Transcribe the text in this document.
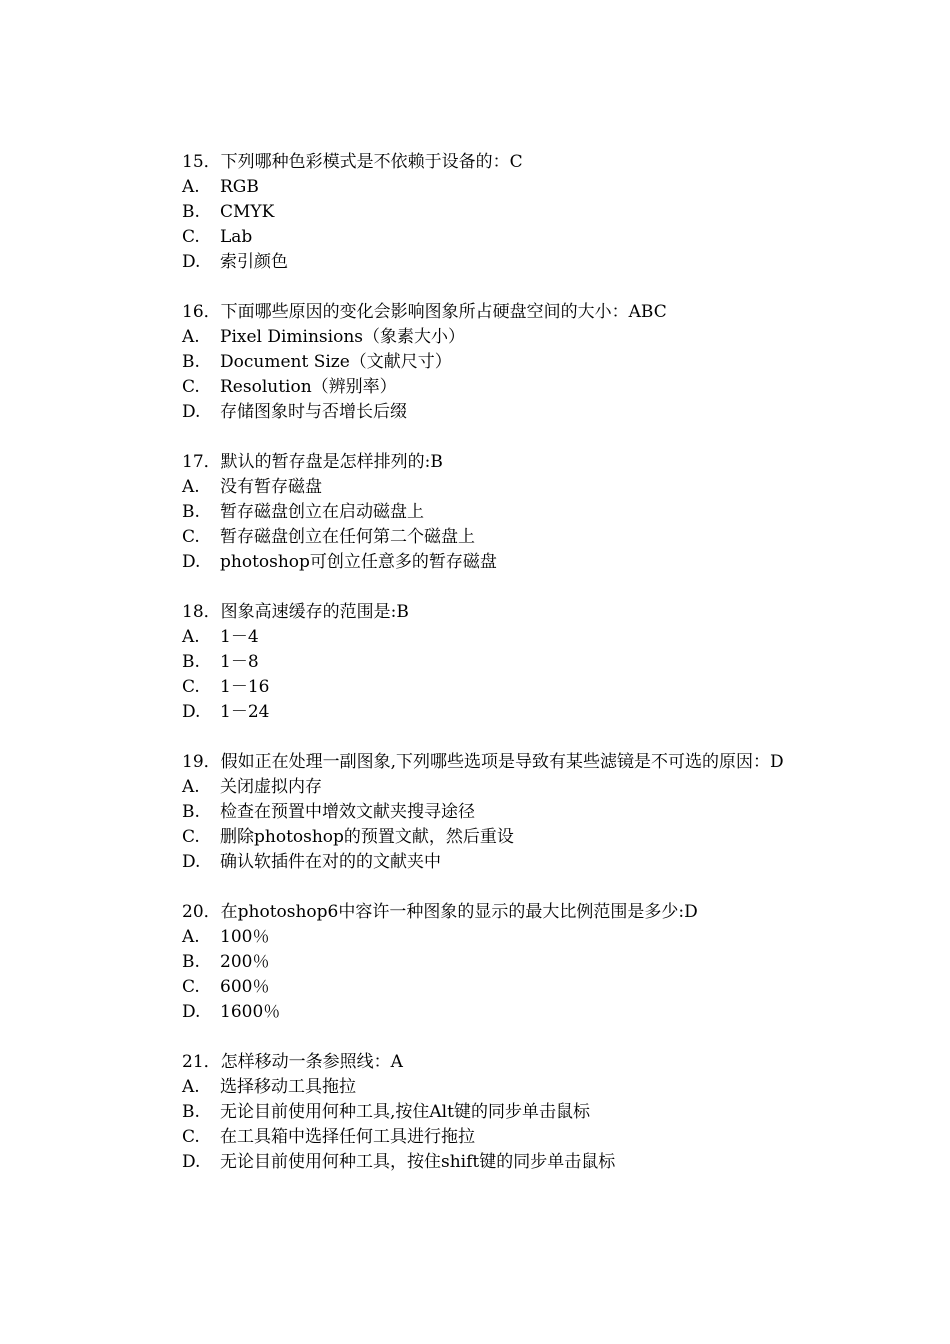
15．下列哪种色彩模式是不依赖于设备的：C
A.	RGB
B.	CMYK
C.	Lab
D.	索引颜色
16．下面哪些原因的变化会影响图象所占硬盘空间的大小：ABC
A.	Pixel Diminsions（象素大小）
B.	Document Size（文献尺寸）
C.	Resolution（辨别率）
D.	存储图象时与否增长后缀
17．默认的暂存盘是怎样排列的:B
A.	没有暂存磁盘
B.	暂存磁盘创立在启动磁盘上
C.	暂存磁盘创立在任何第二个磁盘上
D.	photoshop可创立任意多的暂存磁盘
18．图象高速缓存的范围是:B
A.	1－4
B.	1－8
C.	1－16
D.	1－24
19．假如正在处理一副图象,下列哪些选项是导致有某些滤镜是不可选的原因：D
A.	关闭虚拟内存
B.	检查在预置中增效文献夹搜寻途径
C.	删除photoshop的预置文献，然后重设
D.	确认软插件在对的的文献夹中
20．在photoshop6中容许一种图象的显示的最大比例范围是多少:D
A.	100％
B.	200％
C.	600％
D.	1600％
21．怎样移动一条参照线：A
A.	选择移动工具拖拉
B.	无论目前使用何种工具,按住Alt键的同步单击鼠标
C.	在工具箱中选择任何工具进行拖拉
D.	无论目前使用何种工具，按住shift键的同步单击鼠标
